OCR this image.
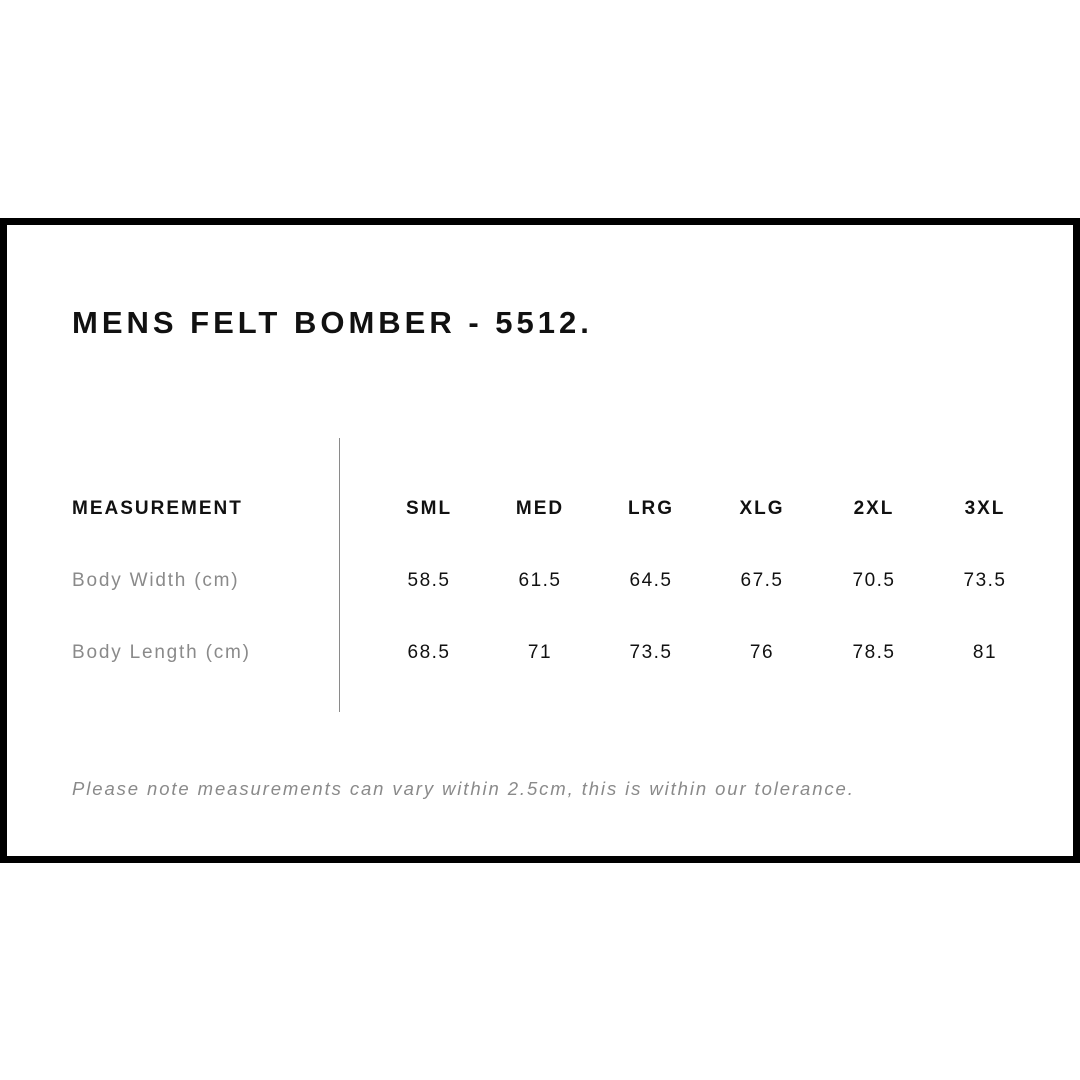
MENS FELT BOMBER - 5512.
MEASUREMENT	SML	MED	LRG	XLG	2XL	3XL
Body Width (cm)	58.5	61.5	64.5	67.5	70.5	73.5
Body Length (cm)	68.5	71	73.5	76	78.5	81

Please note measurements can vary within 2.5cm, this is within our tolerance.
